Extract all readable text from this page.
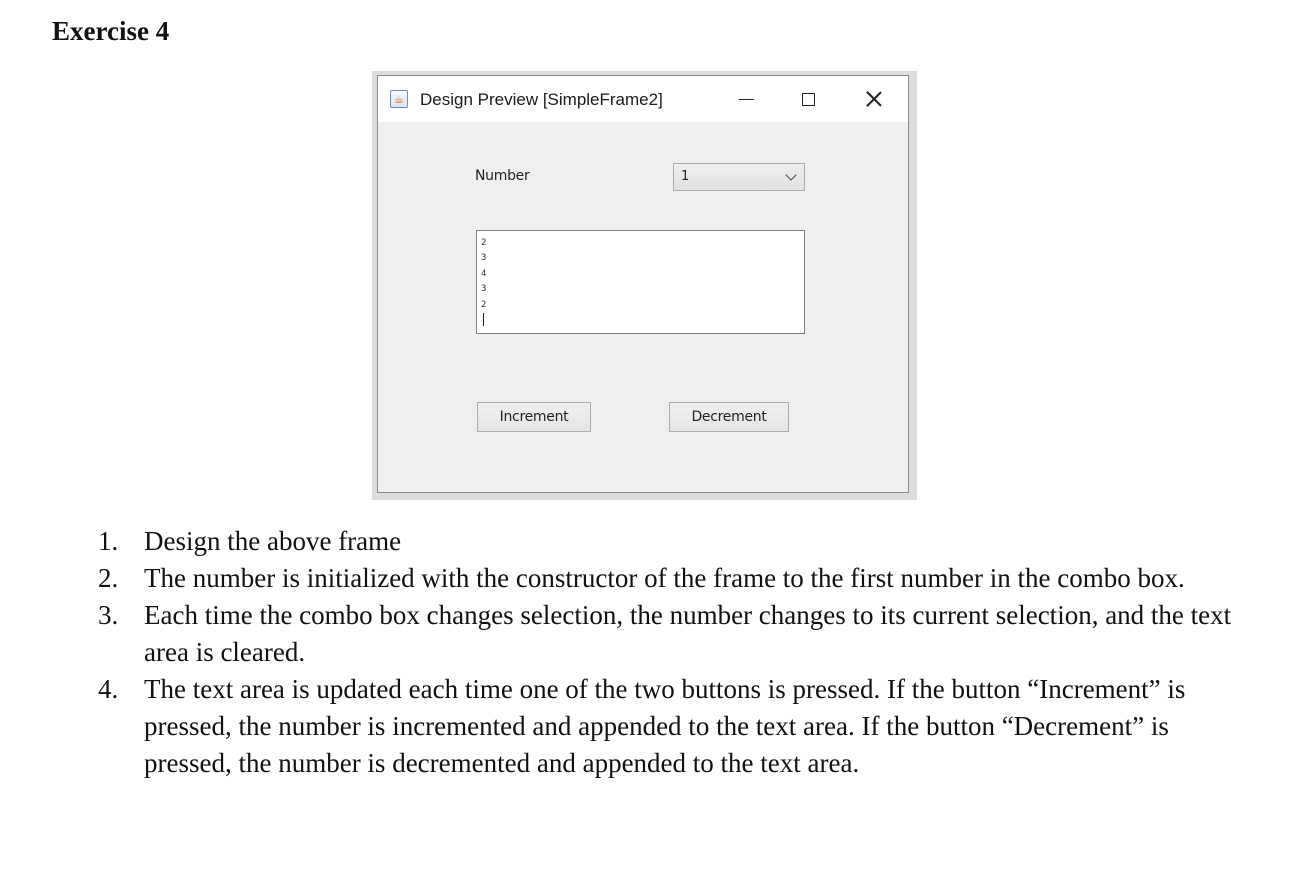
Exercise 4
☕ Design Preview [SimpleFrame2]
Number	1
2
3
4
3
2
Increment	Decrement
1. Design the above frame
2. The number is initialized with the constructor of the frame to the first number in the combo box.
3. Each time the combo box changes selection, the number changes to its current selection, and the text area is cleared.
4. The text area is updated each time one of the two buttons is pressed. If the button “Increment” is pressed, the number is incremented and appended to the text area. If the button “Decrement” is pressed, the number is decremented and appended to the text area.
